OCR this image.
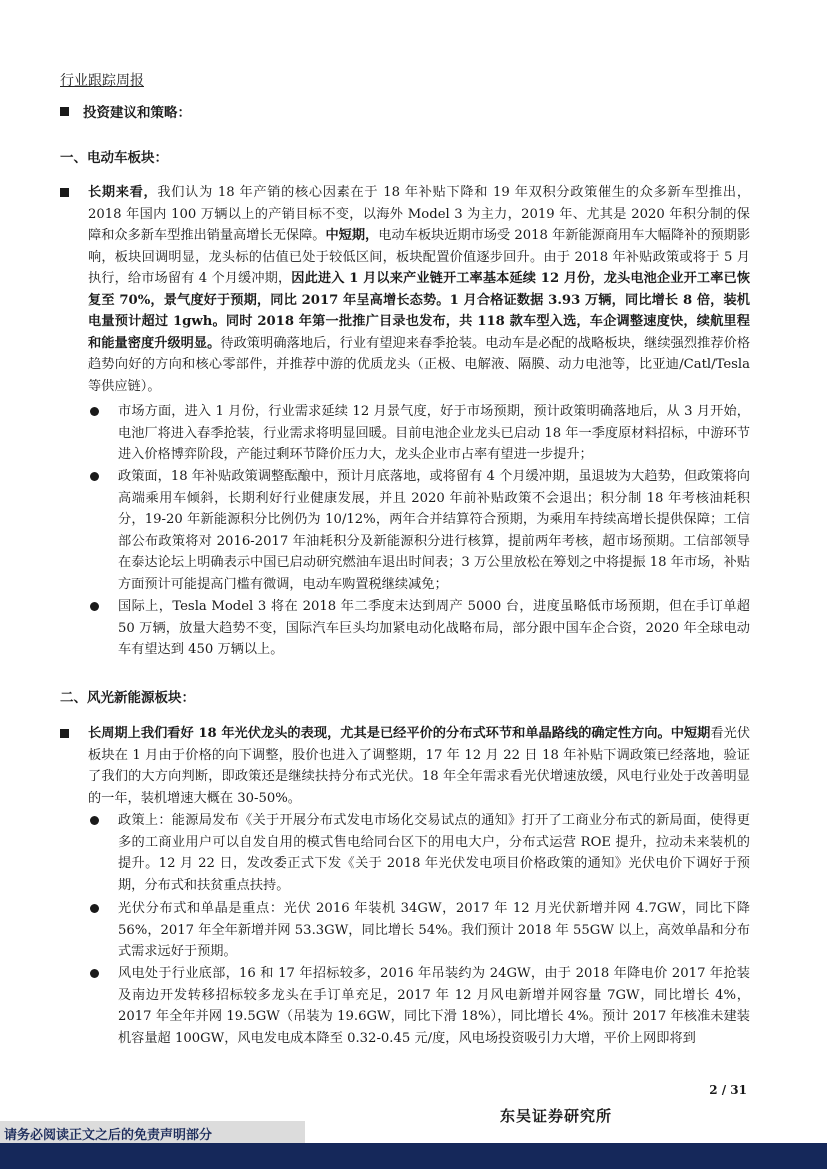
行业跟踪周报
投资建议和策略：
一、电动车板块：
长期来看，我们认为 18 年产销的核心因素在于 18 年补贴下降和 19 年双积分政策催生的众多新车型推出，2018 年国内 100 万辆以上的产销目标不变，以海外 Model 3 为主力，2019 年、尤其是 2020 年积分制的保障和众多新车型推出销量高增长无保障。中短期，电动车板块近期市场受 2018 年新能源商用车大幅降补的预期影响，板块回调明显，龙头标的估值已处于较低区间，板块配置价值逐步回升。由于 2018 年补贴政策或将于 5 月执行，给市场留有 4 个月缓冲期，因此进入 1 月以来产业链开工率基本延续 12 月份，龙头电池企业开工率已恢复至 70%，景气度好于预期，同比 2017 年呈高增长态势。1 月合格证数据 3.93 万辆，同比增长 8 倍，装机电量预计超过 1gwh。同时 2018 年第一批推广目录也发布，共 118 款车型入选，车企调整速度快，续航里程和能量密度升级明显。待政策明确落地后，行业有望迎来春季抢装。电动车是必配的战略板块，继续强烈推荐价格趋势向好的方向和核心零部件，并推荐中游的优质龙头（正极、电解液、隔膜、动力电池等，比亚迪/Catl/Tesla 等供应链）。
市场方面，进入 1 月份，行业需求延续 12 月景气度，好于市场预期，预计政策明确落地后，从 3 月开始，电池厂将进入春季抢装，行业需求将明显回暖。目前电池企业龙头已启动 18 年一季度原材料招标，中游环节进入价格博弈阶段，产能过剩环节降价压力大，龙头企业市占率有望进一步提升；
政策面，18 年补贴政策调整酝酿中，预计月底落地，或将留有 4 个月缓冲期，虽退坡为大趋势，但政策将向高端乘用车倾斜，长期利好行业健康发展，并且 2020 年前补贴政策不会退出；积分制 18 年考核油耗积分，19-20 年新能源积分比例仍为 10/12%，两年合并结算符合预期，为乘用车持续高增长提供保障；工信部公布政策将对 2016-2017 年油耗积分及新能源积分进行核算，提前两年考核，超市场预期。工信部领导在泰达论坛上明确表示中国已启动研究燃油车退出时间表；3 万公里放松在筹划之中将提振 18 年市场，补贴方面预计可能提高门槛有微调，电动车购置税继续减免；
国际上，Tesla Model 3 将在 2018 年二季度末达到周产 5000 台，进度虽略低市场预期，但在手订单超 50 万辆，放量大趋势不变，国际汽车巨头均加紧电动化战略布局，部分跟中国车企合资，2020 年全球电动车有望达到 450 万辆以上。
二、风光新能源板块：
长周期上我们看好 18 年光伏龙头的表现，尤其是已经平价的分布式环节和单晶路线的确定性方向。中短期看光伏板块在 1 月由于价格的向下调整，股价也进入了调整期，17 年 12 月 22 日 18 年补贴下调政策已经落地，验证了我们的大方向判断，即政策还是继续扶持分布式光伏。18 年全年需求看光伏增速放缓，风电行业处于改善明显的一年，装机增速大概在 30-50%。
政策上：能源局发布《关于开展分布式发电市场化交易试点的通知》打开了工商业分布式的新局面，使得更多的工商业用户可以自发自用的模式售电给同台区下的用电大户，分布式运营 ROE 提升，拉动未来装机的提升。12 月 22 日，发改委正式下发《关于 2018 年光伏发电项目价格政策的通知》光伏电价下调好于预期，分布式和扶贫重点扶持。
光伏分布式和单晶是重点：光伏 2016 年装机 34GW，2017 年 12 月光伏新增并网 4.7GW，同比下降 56%，2017 年全年新增并网 53.3GW，同比增长 54%。我们预计 2018 年 55GW 以上，高效单晶和分布式需求远好于预期。
风电处于行业底部，16 和 17 年招标较多，2016 年吊装约为 24GW，由于 2018 年降电价 2017 年抢装及南边开发转移招标较多龙头在手订单充足，2017 年 12 月风电新增并网容量 7GW，同比增长 4%，2017 年全年并网 19.5GW（吊装为 19.6GW，同比下滑 18%），同比增长 4%。预计 2017 年核准未建装机容量超 100GW，风电发电成本降至 0.32-0.45 元/度，风电场投资吸引力大增，平价上网即将到
2 / 31
东吴证券研究所
请务必阅读正文之后的免责声明部分
